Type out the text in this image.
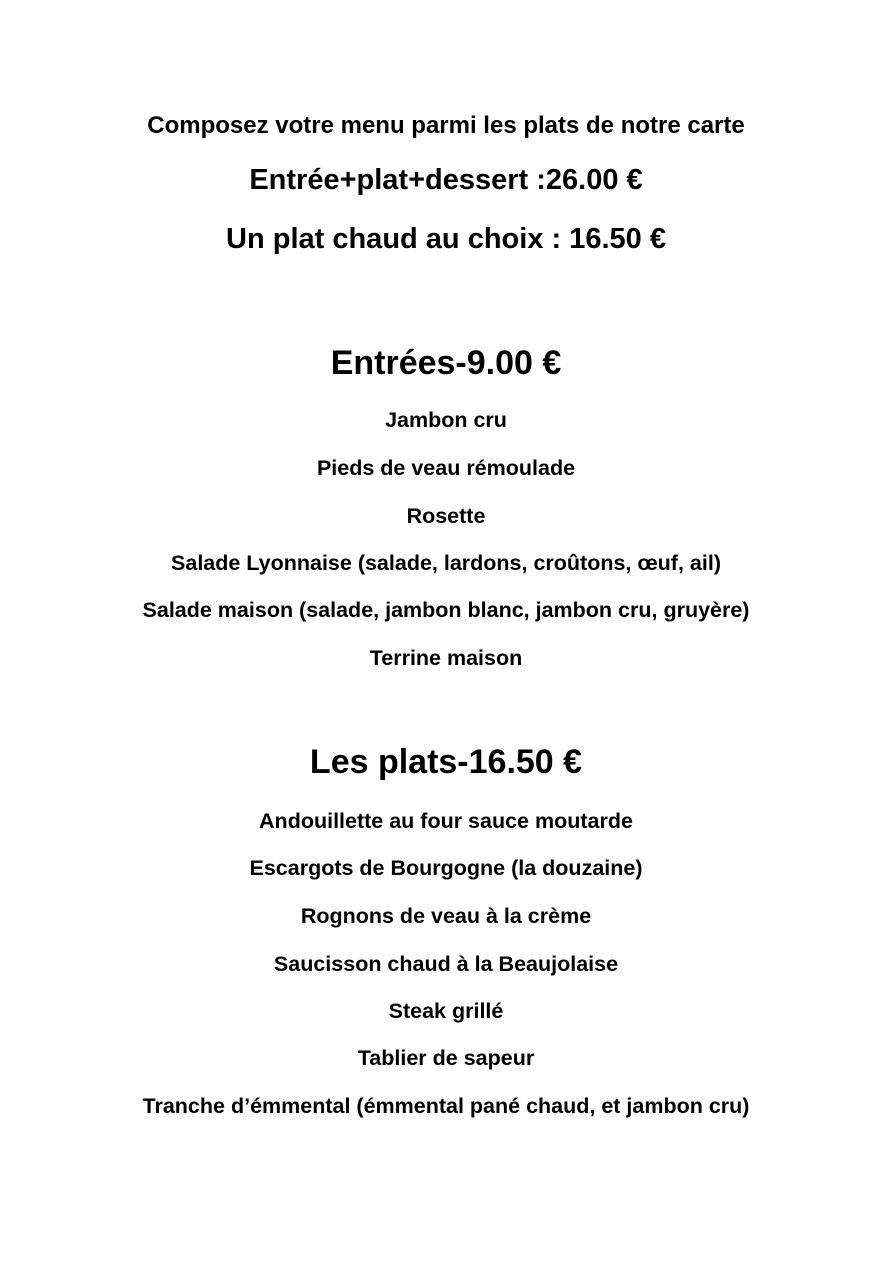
Composez votre menu parmi les plats de notre carte
Entrée+plat+dessert :26.00 €
Un plat chaud au choix : 16.50 €
Entrées-9.00 €
Jambon cru
Pieds de veau rémoulade
Rosette
Salade Lyonnaise (salade, lardons, croûtons, œuf, ail)
Salade maison (salade, jambon blanc, jambon cru, gruyère)
Terrine maison
Les plats-16.50 €
Andouillette au four sauce moutarde
Escargots de Bourgogne (la douzaine)
Rognons de veau à la crème
Saucisson chaud à la Beaujolaise
Steak grillé
Tablier de sapeur
Tranche d’émmental (émmental pané chaud, et jambon cru)
